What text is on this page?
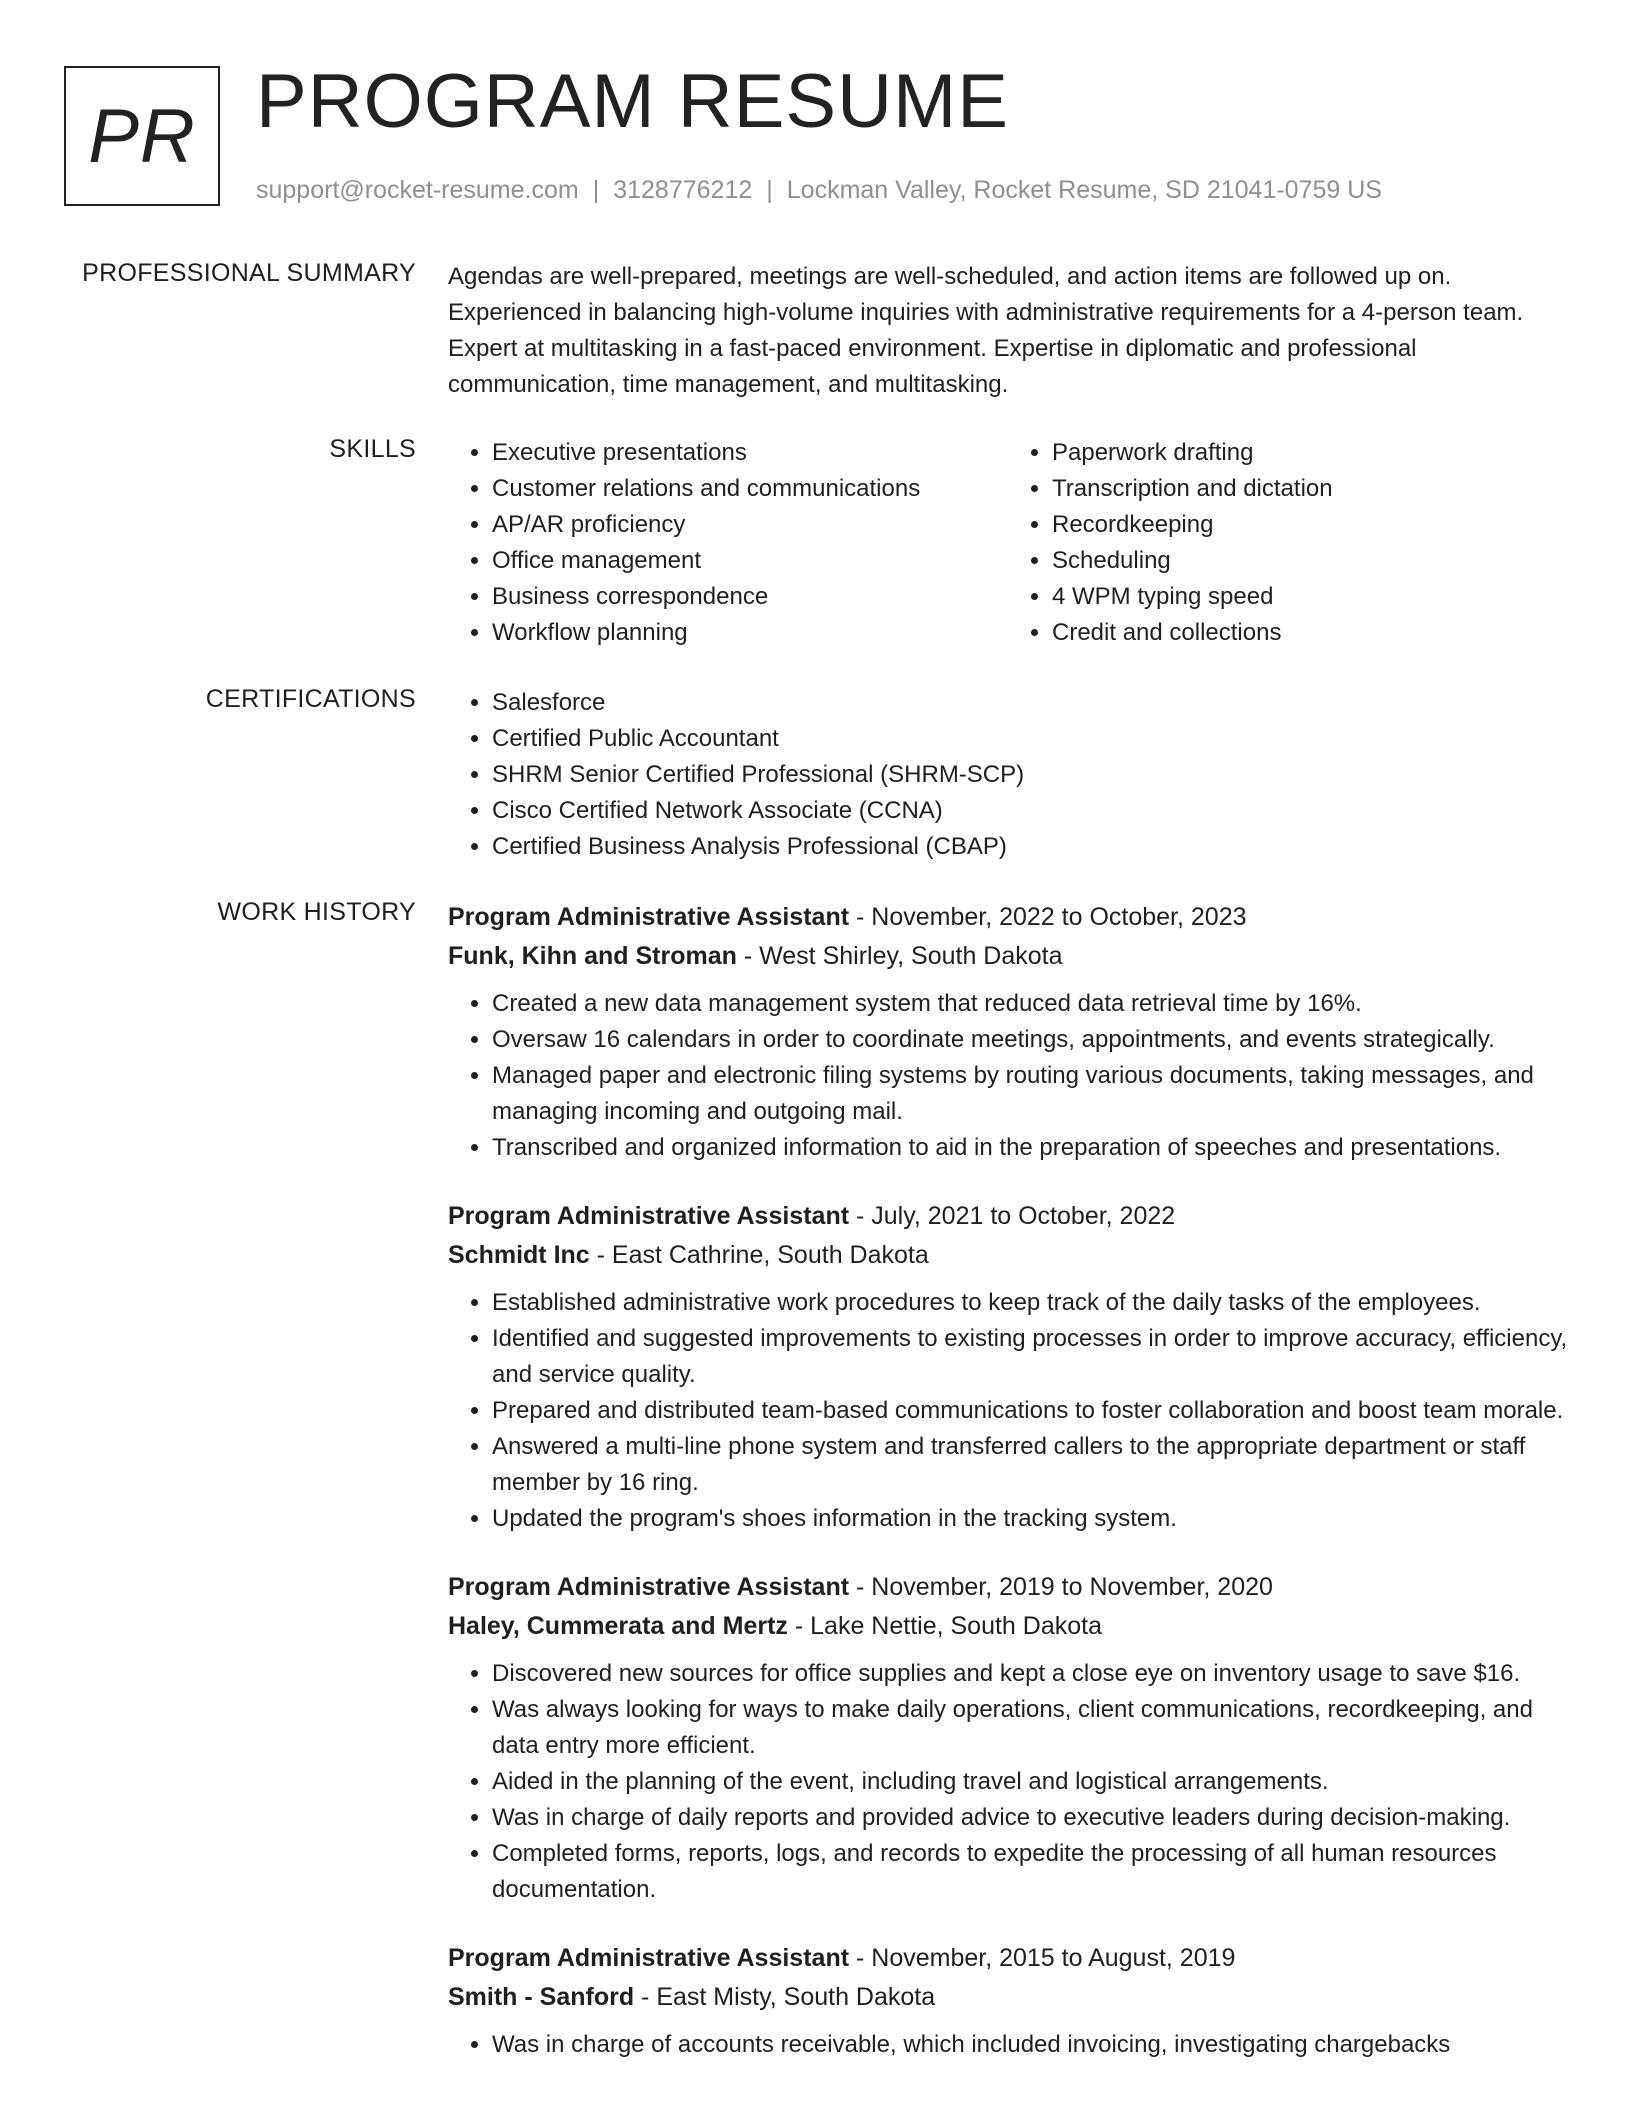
PR PROGRAM RESUME
support@rocket-resume.com | 3128776212 | Lockman Valley, Rocket Resume, SD 21041-0759 US
PROFESSIONAL SUMMARY Agendas are well-prepared, meetings are well-scheduled, and action items are followed up on. Experienced in balancing high-volume inquiries with administrative requirements for a 4-person team. Expert at multitasking in a fast-paced environment. Expertise in diplomatic and professional communication, time management, and multitasking.
SKILLS	• Executive presentations
• Customer relations and communications
• AP/AR proficiency
• Office management
• Business correspondence
• Workflow planning
• Paperwork drafting
• Transcription and dictation
• Recordkeeping
• Scheduling
• 4 WPM typing speed
• Credit and collections
CERTIFICATIONS	• Salesforce
• Certified Public Accountant
• SHRM Senior Certified Professional (SHRM-SCP)
• Cisco Certified Network Associate (CCNA)
• Certified Business Analysis Professional (CBAP)
WORK HISTORY Program Administrative Assistant - November, 2022 to October, 2023
Funk, Kihn and Stroman - West Shirley, South Dakota
• Created a new data management system that reduced data retrieval time by 16%.
• Oversaw 16 calendars in order to coordinate meetings, appointments, and events strategically.
• Managed paper and electronic filing systems by routing various documents, taking messages, and managing incoming and outgoing mail.
• Transcribed and organized information to aid in the preparation of speeches and presentations.
Program Administrative Assistant - July, 2021 to October, 2022
Schmidt Inc - East Cathrine, South Dakota
• Established administrative work procedures to keep track of the daily tasks of the employees.
• Identified and suggested improvements to existing processes in order to improve accuracy, efficiency, and service quality.
• Prepared and distributed team-based communications to foster collaboration and boost team morale.
• Answered a multi-line phone system and transferred callers to the appropriate department or staff member by 16 ring.
• Updated the program's shoes information in the tracking system.
Program Administrative Assistant - November, 2019 to November, 2020
Haley, Cummerata and Mertz - Lake Nettie, South Dakota
• Discovered new sources for office supplies and kept a close eye on inventory usage to save $16.
• Was always looking for ways to make daily operations, client communications, recordkeeping, and data entry more efficient.
• Aided in the planning of the event, including travel and logistical arrangements.
• Was in charge of daily reports and provided advice to executive leaders during decision-making.
• Completed forms, reports, logs, and records to expedite the processing of all human resources documentation.
Program Administrative Assistant - November, 2015 to August, 2019
Smith - Sanford - East Misty, South Dakota
• Was in charge of accounts receivable, which included invoicing, investigating chargebacks
